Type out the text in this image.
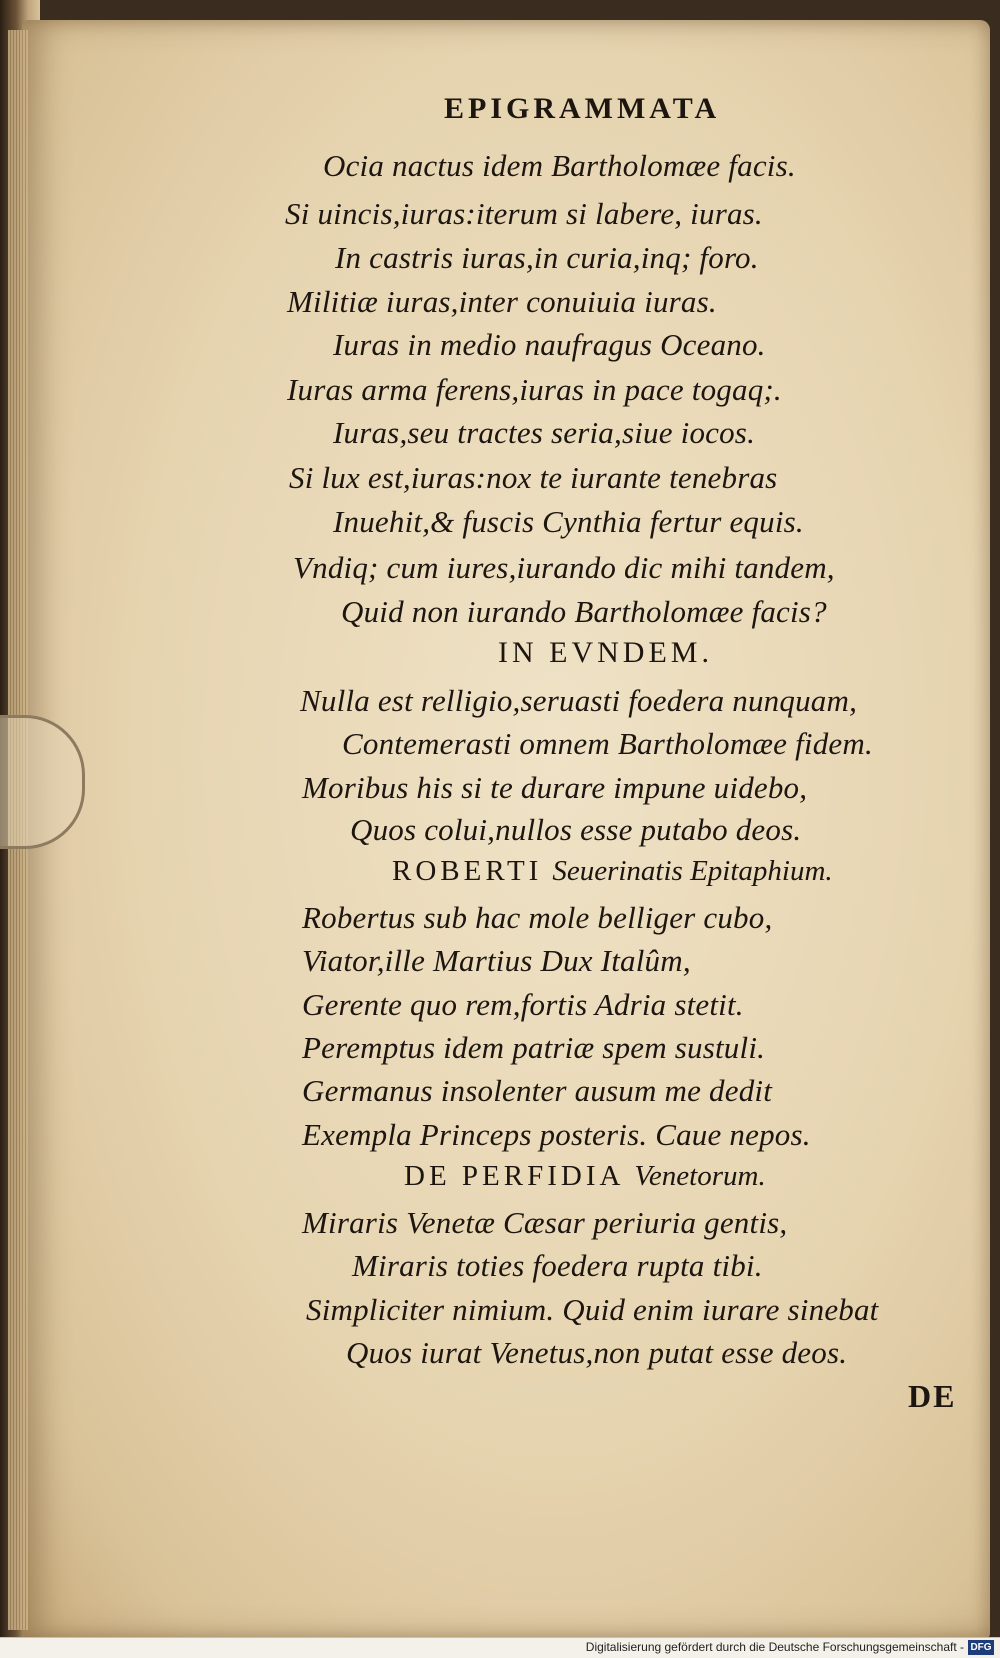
EPIGRAMMATA
Ocia nactus idem Bartholomæe facis.
Si uincis,iuras:iterum si labere, iuras.
In castris iuras,in curia,inq; foro.
Militiæ iuras,inter conuiuia iuras.
Iuras in medio naufragus Oceano.
Iuras arma ferens,iuras in pace togaq;.
Iuras,seu tractes seria,siue iocos.
Si lux est,iuras:nox te iurante tenebras
Inuehit,& fuscis Cynthia fertur equis.
Vndiq; cum iures,iurando dic mihi tandem,
Quid non iurando Bartholomæe facis?
IN EVNDEM.
Nulla est relligio,seruasti foedera nunquam,
Contemerasti omnem Bartholomæe fidem.
Moribus his si te durare impune uidebo,
Quos colui,nullos esse putabo deos.
ROBERTI Seuerinatis Epitaphium.
Robertus sub hac mole belliger cubo,
Viator,ille Martius Dux Italûm,
Gerente quo rem,fortis Adria stetit.
Peremptus idem patriæ spem sustuli.
Germanus insolenter ausum me dedit
Exempla Princeps posteris. Caue nepos.
DE PERFIDIA Venetorum.
Miraris Venetæ Cæsar periuria gentis,
Miraris toties foedera rupta tibi.
Simpliciter nimium. Quid enim iurare sinebat
Quos iurat Venetus,non putat esse deos.
DE
Digitalisierung gefördert durch die Deutsche Forschungsgemeinschaft - DFG
